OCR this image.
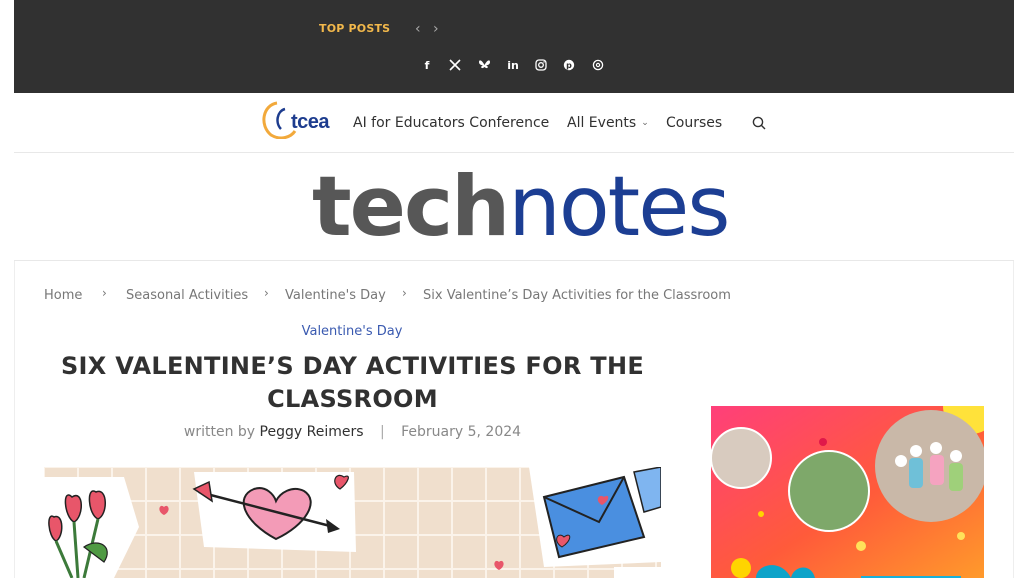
TOP POSTS ‹ ›
f	in	p
tcea AI for Educators Conference All Events ⌄ Courses
technotes
Home › Seasonal Activities › Valentine's Day › Six Valentine’s Day Activities for the Classroom
Valentine's Day
SIX VALENTINE’S DAY ACTIVITIES FOR THE CLASSROOM
written by Peggy Reimers | February 5, 2024
